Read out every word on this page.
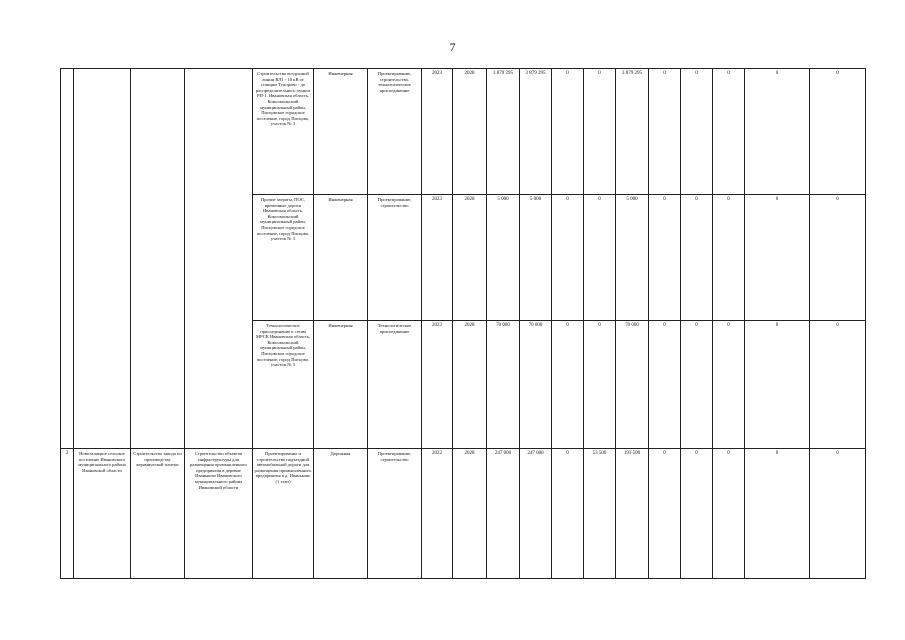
7
				Строительство воздушной линии ВЛ1 - 10 кВ от станции Тупорово - до распределительного пункта РП-1. Ивановская область, Комсомольский муниципальный район, Писцовское городское поселение, город Писцово, участок № 3	Инженерная	Проектирование, строительство, технологическое присоединение	2023	2028	3 879 295	3 879 295	0	0	3 879 295	0	0	0	0	0
				Прочие затраты, ПОС, временные дороги Ивановская область, Комсомольский муниципальный район, Писцовское городское поселение, город Писцово, участок № 3	Инженерная	Проектирование, строительство	2023	2028	5 000	5 000	0	0	5 000	0	0	0	0	0
				Технологическое присоединение к сетям МРСК Ивановская область, Комсомольский муниципальный район, Писцовское городское поселение, город Писцово, участок № 3	Инженерная	Технологическое присоединение	2023	2028	70 000	70 000	0	0	70 000	0	0	0	0	0
3	Новоталицкое сельское поселение Ивановского муниципального района Ивановской области	Строительство завода по производству керамической плитки	Строительство объектов инфраструктуры для размещения промышленного предприятия в деревне Иваньково Ивановского муниципального района Ивановской области	Проектирование и строительство подъездной автомобильной дороги для размещения промышленного предприятия в д. Иваньково (1 этап)	Дорожная	Проектирование, строительство	2022	2028	247 000	247 000	0	53 500	193 500	0	0	0	0	0
